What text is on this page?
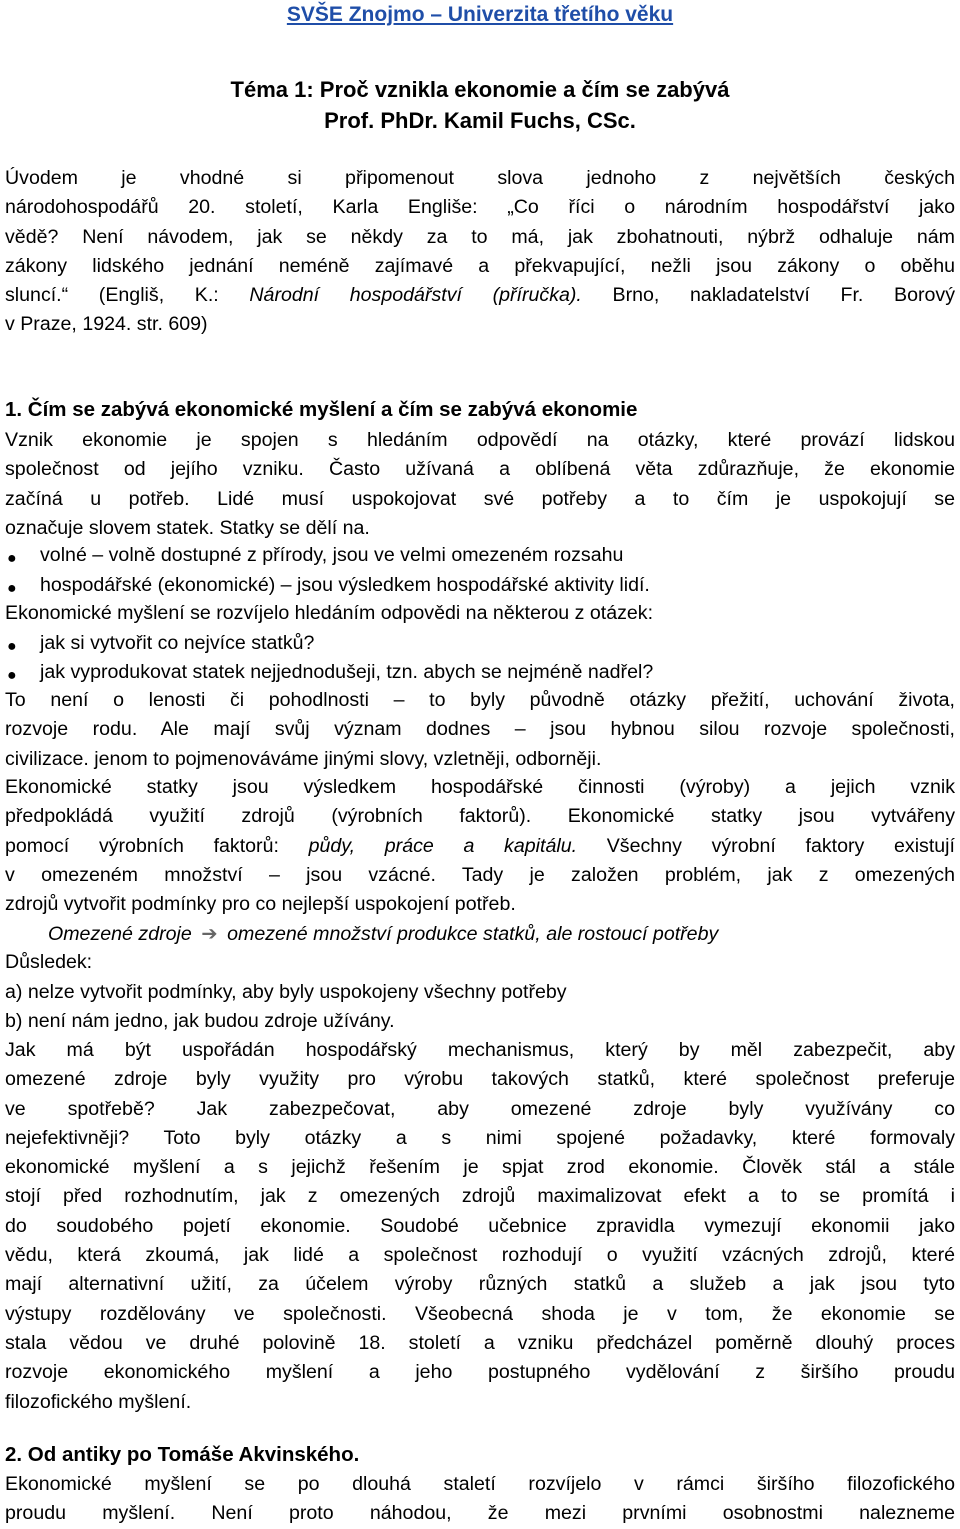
SVŠE Znojmo – Univerzita třetího věku
Téma 1: Proč vznikla ekonomie a čím se zabývá
Prof. PhDr. Kamil Fuchs, CSc.
Úvodem je vhodné si připomenout slova jednoho z největších českých
národohospodářů 20. století, Karla Engliše: „Co říci o národním hospodářství jako
vědě? Není návodem, jak se někdy za to má, jak zbohatnouti, nýbrž odhaluje nám
zákony lidského jednání neméně zajímavé a překvapující, nežli jsou zákony o oběhu
sluncí.“ (Engliš, K.: Národní hospodářství (příručka). Brno, nakladatelství Fr. Borový
v Praze, 1924. str. 609)
1. Čím se zabývá ekonomické myšlení a čím se zabývá ekonomie
Vznik ekonomie je spojen s hledáním odpovědí na otázky, které provází lidskou
společnost od jejího vzniku. Často užívaná a oblíbená věta zdůrazňuje, že ekonomie
začíná u potřeb. Lidé musí uspokojovat své potřeby a to čím je uspokojují se
označuje slovem statek. Statky se dělí na.
● volné – volně dostupné z přírody, jsou ve velmi omezeném rozsahu
● hospodářské (ekonomické) – jsou výsledkem hospodářské aktivity lidí.
Ekonomické myšlení se rozvíjelo hledáním odpovědi na některou z otázek:
● jak si vytvořit co nejvíce statků?
● jak vyprodukovat statek nejjednodušeji, tzn. abych se nejméně nadřel?
To není o lenosti či pohodlnosti – to byly původně otázky přežití, uchování života,
rozvoje rodu. Ale mají svůj význam dodnes – jsou hybnou silou rozvoje společnosti,
civilizace. jenom to pojmenováváme jinými slovy, vzletněji, odborněji.
Ekonomické statky jsou výsledkem hospodářské činnosti (výroby) a jejich vznik
předpokládá využití zdrojů (výrobních faktorů). Ekonomické statky jsou vytvářeny
pomocí výrobních faktorů: půdy, práce a kapitálu. Všechny výrobní faktory existují
v omezeném množství – jsou vzácné. Tady je založen problém, jak z omezených
zdrojů vytvořit podmínky pro co nejlepší uspokojení potřeb.
Omezené zdroje ➔ omezené množství produkce statků, ale rostoucí potřeby
Důsledek:
a) nelze vytvořit podmínky, aby byly uspokojeny všechny potřeby
b) není nám jedno, jak budou zdroje užívány.
Jak má být uspořádán hospodářský mechanismus, který by měl zabezpečit, aby
omezené zdroje byly využity pro výrobu takových statků, které společnost preferuje
ve spotřebě? Jak zabezpečovat, aby omezené zdroje byly využívány co
nejefektivněji? Toto byly otázky a s nimi spojené požadavky, které formovaly
ekonomické myšlení a s jejichž řešením je spjat zrod ekonomie. Člověk stál a stále
stojí před rozhodnutím, jak z omezených zdrojů maximalizovat efekt a to se promítá i
do soudobého pojetí ekonomie. Soudobé učebnice zpravidla vymezují ekonomii jako
vědu, která zkoumá, jak lidé a společnost rozhodují o využití vzácných zdrojů, které
mají alternativní užití, za účelem výroby různých statků a služeb a jak jsou tyto
výstupy rozdělovány ve společnosti. Všeobecná shoda je v tom, že ekonomie se
stala vědou ve druhé polovině 18. století a vzniku předcházel poměrně dlouhý proces
rozvoje ekonomického myšlení a jeho postupného vydělování z širšího proudu
filozofického myšlení.
2. Od antiky po Tomáše Akvinského.
Ekonomické myšlení se po dlouhá staletí rozvíjelo v rámci širšího filozofického
proudu myšlení. Není proto náhodou, že mezi prvními osobnostmi nalezneme
